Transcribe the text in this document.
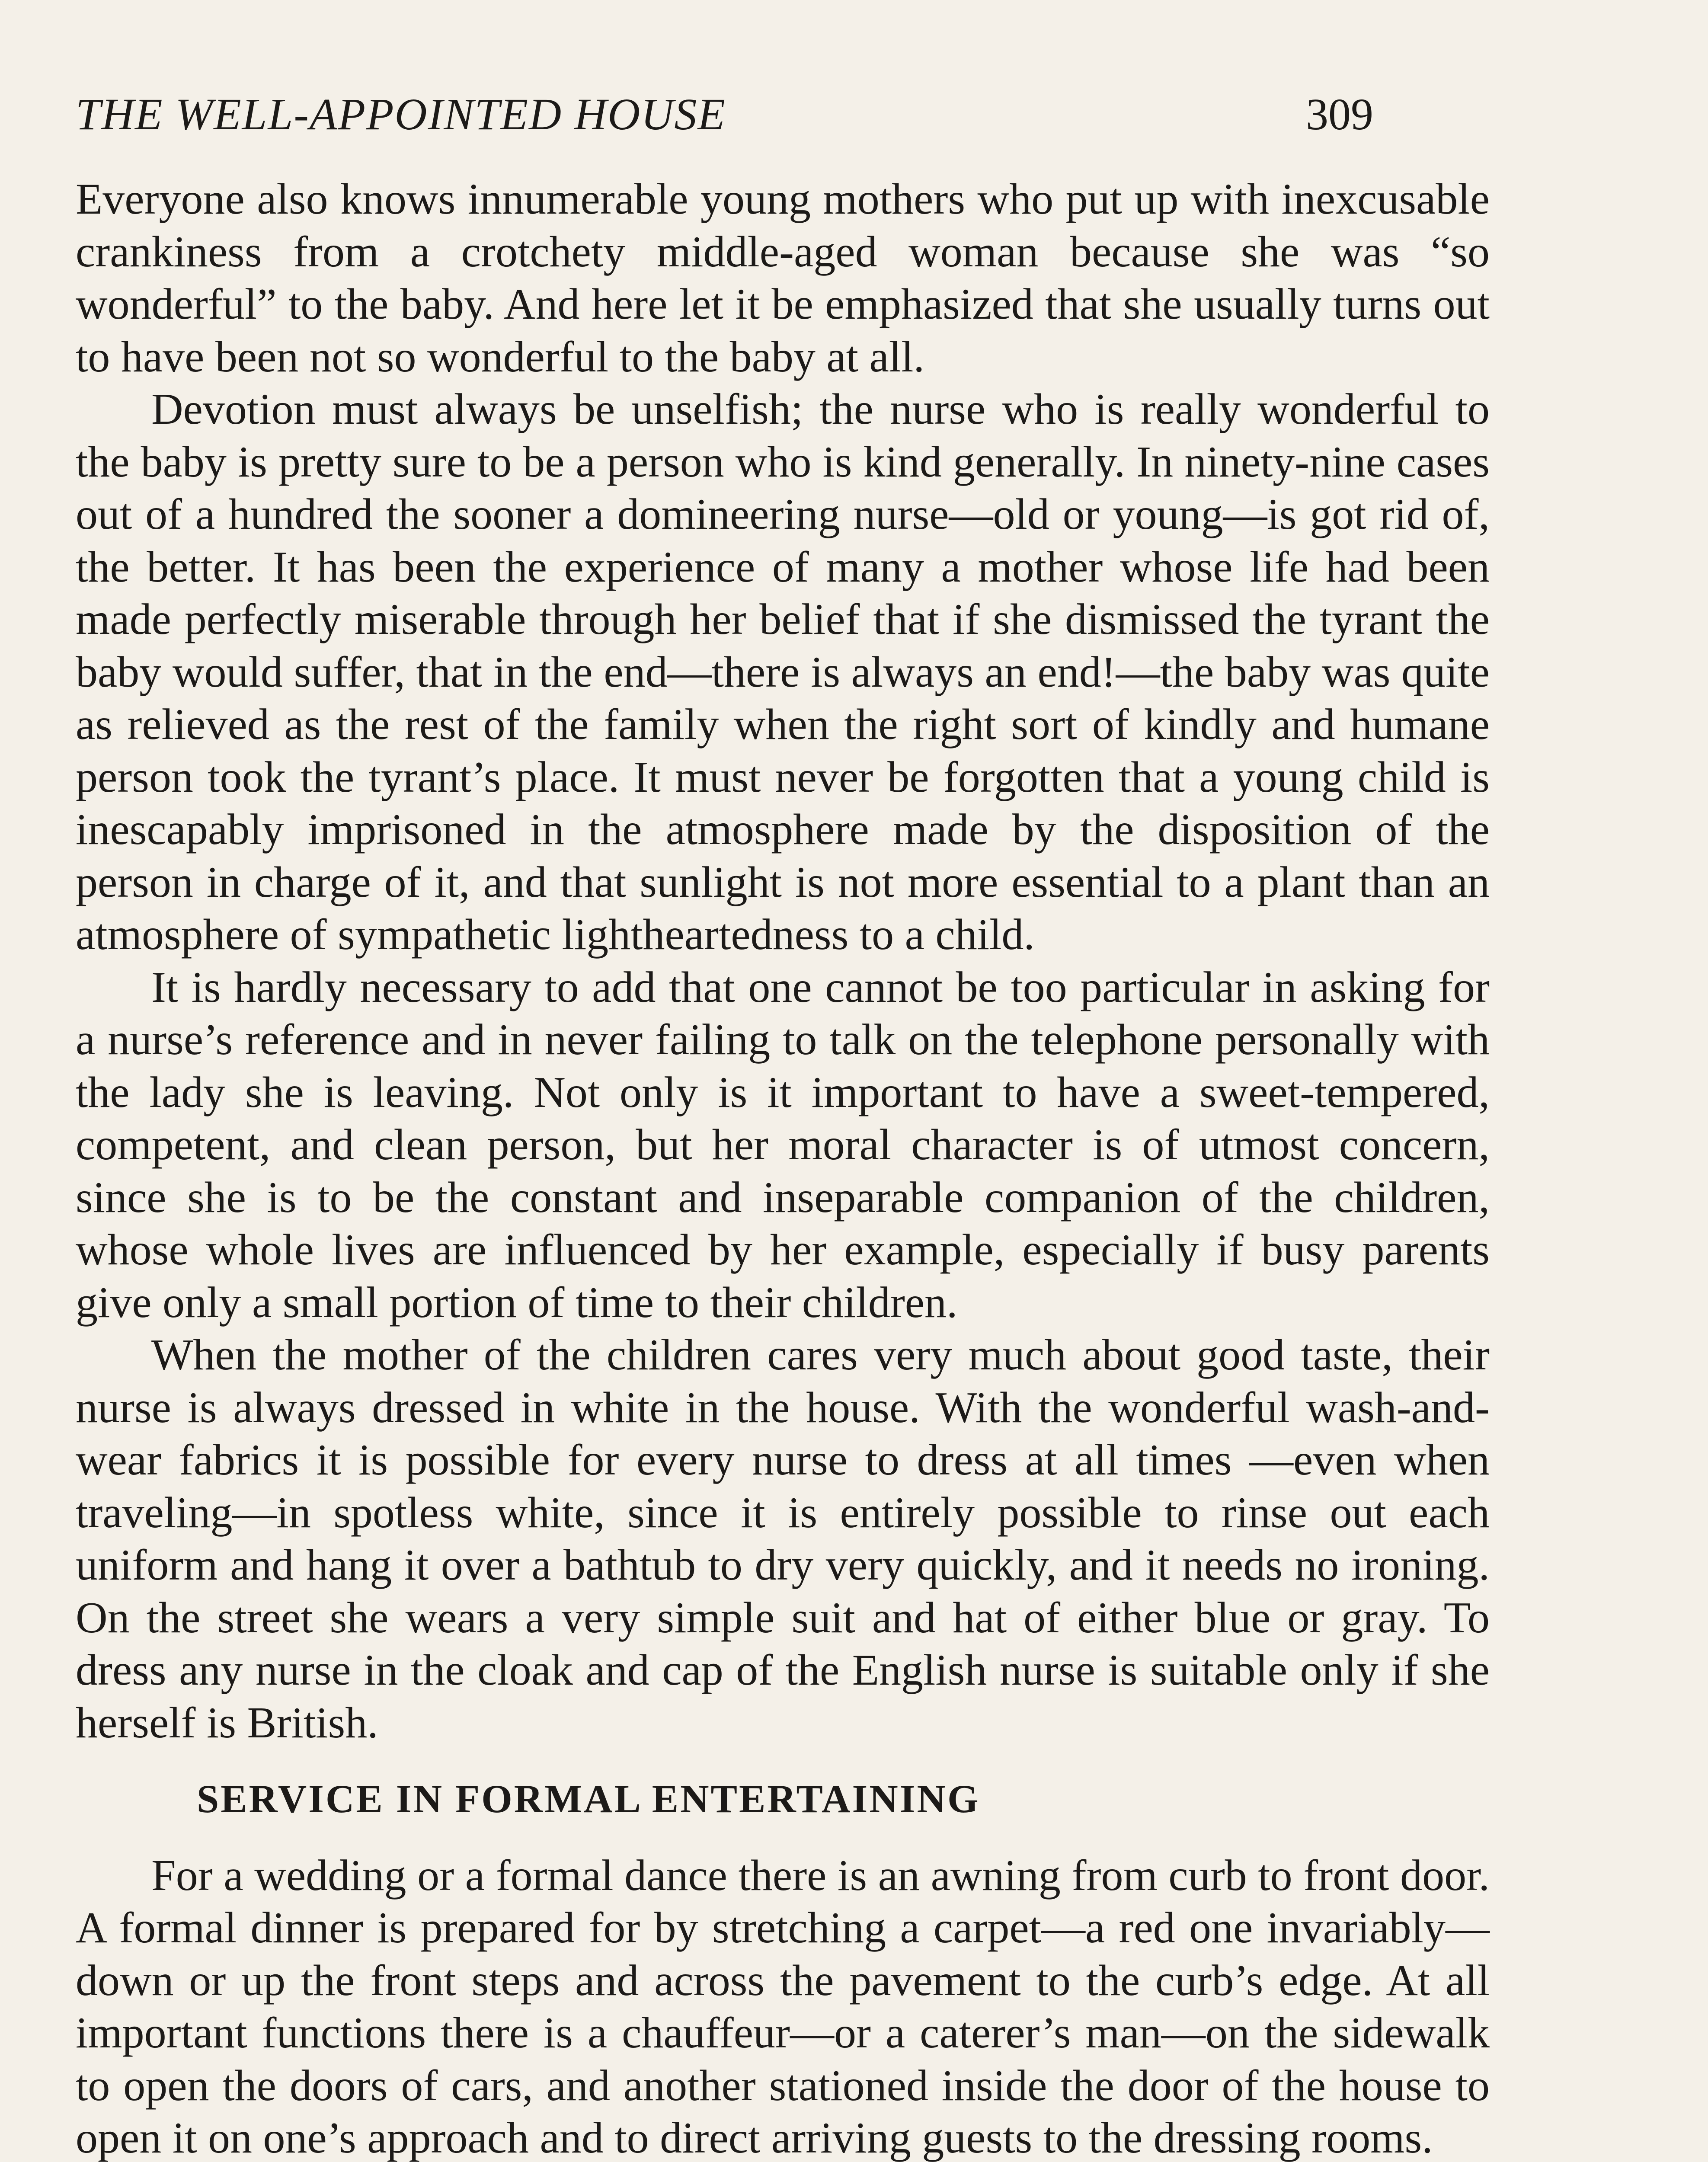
THE WELL-APPOINTED HOUSE	309

Everyone also knows innumerable young mothers who put up with inexcusable crankiness from a crotchety middle-aged woman because she was “so wonderful” to the baby. And here let it be emphasized that she usually turns out to have been not so wonderful to the baby at all.

Devotion must always be unselfish; the nurse who is really wonderful to the baby is pretty sure to be a person who is kind generally. In ninety-nine cases out of a hundred the sooner a domineering nurse—old or young—is got rid of, the better. It has been the experience of many a mother whose life had been made perfectly miserable through her belief that if she dismissed the tyrant the baby would suffer, that in the end—there is always an end!—the baby was quite as relieved as the rest of the family when the right sort of kindly and humane person took the tyrant’s place. It must never be forgotten that a young child is inescapably imprisoned in the atmosphere made by the disposition of the person in charge of it, and that sunlight is not more essential to a plant than an atmosphere of sympathetic lightheartedness to a child.

It is hardly necessary to add that one cannot be too particular in asking for a nurse’s reference and in never failing to talk on the telephone personally with the lady she is leaving. Not only is it important to have a sweet-tempered, competent, and clean person, but her moral character is of utmost concern, since she is to be the constant and inseparable companion of the children, whose whole lives are influenced by her example, especially if busy parents give only a small portion of time to their children.

When the mother of the children cares very much about good taste, their nurse is always dressed in white in the house. With the wonderful wash-and-wear fabrics it is possible for every nurse to dress at all times —even when traveling—in spotless white, since it is entirely possible to rinse out each uniform and hang it over a bathtub to dry very quickly, and it needs no ironing. On the street she wears a very simple suit and hat of either blue or gray. To dress any nurse in the cloak and cap of the English nurse is suitable only if she herself is British.

SERVICE IN FORMAL ENTERTAINING

For a wedding or a formal dance there is an awning from curb to front door. A formal dinner is prepared for by stretching a carpet—a red one invariably—down or up the front steps and across the pavement to the curb’s edge. At all important functions there is a chauffeur—or a caterer’s man—on the sidewalk to open the doors of cars, and another stationed inside the door of the house to open it on one’s approach and to direct arriving guests to the dressing rooms.
